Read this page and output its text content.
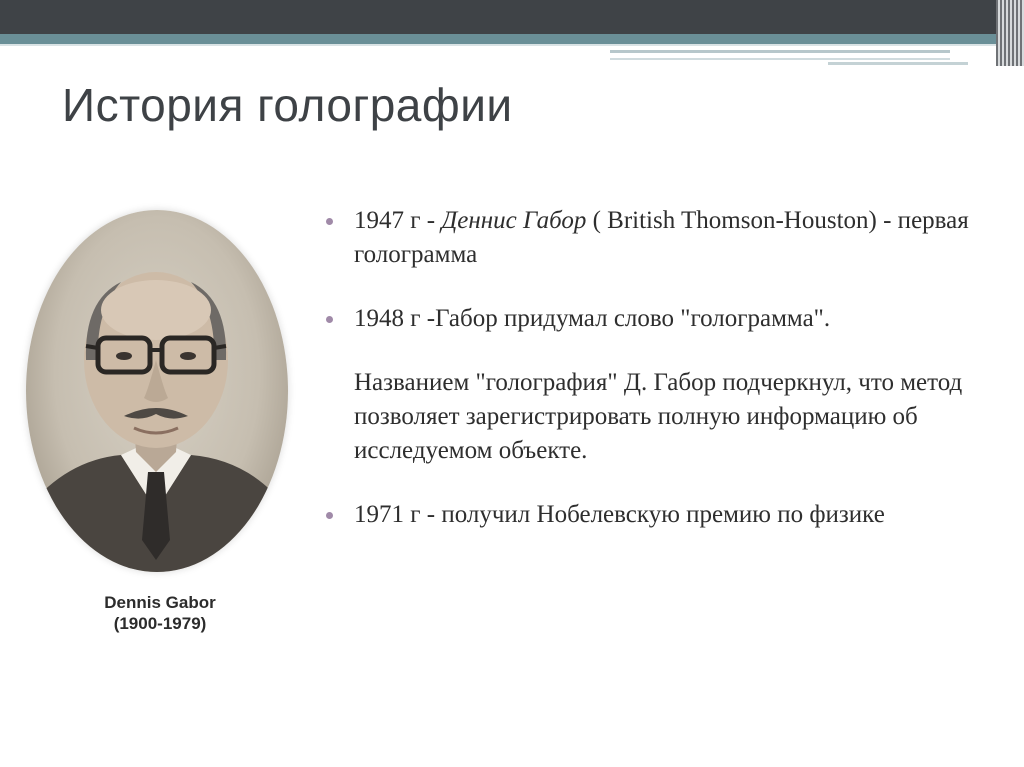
История голографии
Dennis Gabor
(1900-1979)
1947 г - Деннис Габор ( British Thomson-Houston) - первая голограмма
1948 г -Габор придумал слово "голограмма".
Названием "голография" Д. Габор подчеркнул, что метод позволяет зарегистрировать полную информацию об исследуемом объекте.
1971 г - получил Нобелевскую премию по физике
